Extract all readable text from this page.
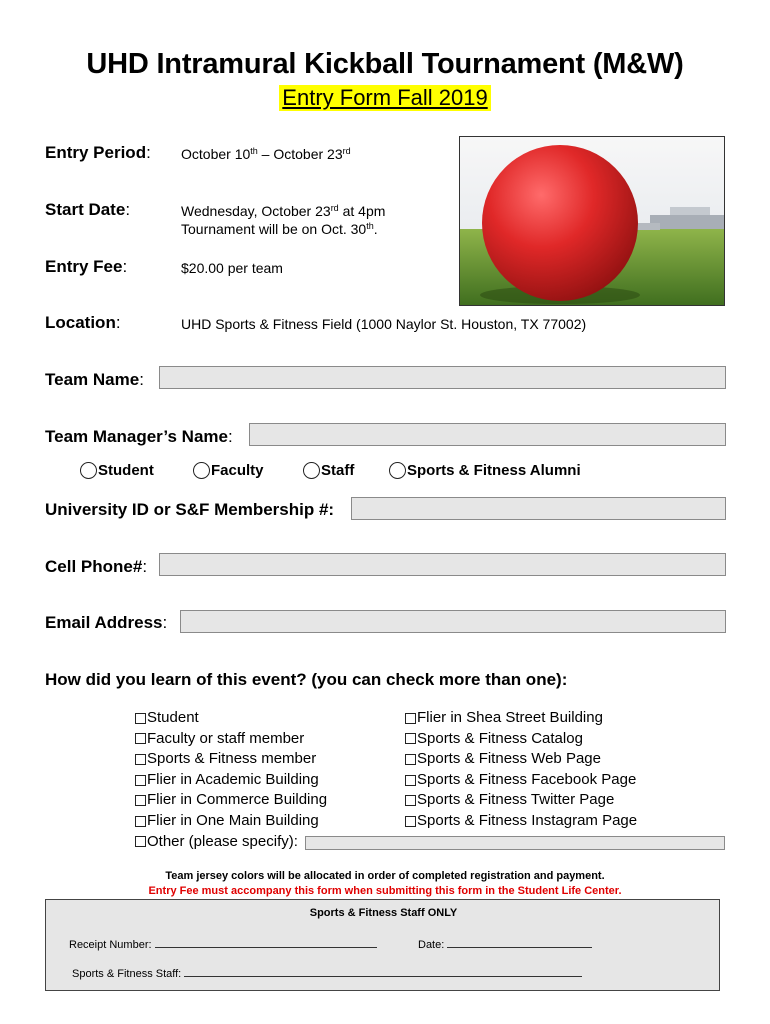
UHD Intramural Kickball Tournament (M&W)
Entry Form Fall 2019
Entry Period: October 10th – October 23rd
Start Date:	Wednesday, October 23rd at 4pm
Tournament will be on Oct. 30th.
Entry Fee:	$20.00 per team
Location:	UHD Sports & Fitness Field (1000 Naylor St. Houston, TX 77002)
Team Name:
Team Manager’s Name:
Student	Faculty	Staff	Sports & Fitness Alumni
University ID or S&F Membership #:
Cell Phone#:
Email Address:
How did you learn of this event? (you can check more than one):
Student
Faculty or staff member
Sports & Fitness member
Flier in Academic Building
Flier in Commerce Building
Flier in One Main Building
Other (please specify):
Flier in Shea Street Building
Sports & Fitness Catalog
Sports & Fitness Web Page
Sports & Fitness Facebook Page
Sports & Fitness Twitter Page
Sports & Fitness Instagram Page
Team jersey colors will be allocated in order of completed registration and payment.
Entry Fee must accompany this form when submitting this form in the Student Life Center.
Sports & Fitness Staff ONLY
Receipt Number:	Date:
Sports & Fitness Staff:
